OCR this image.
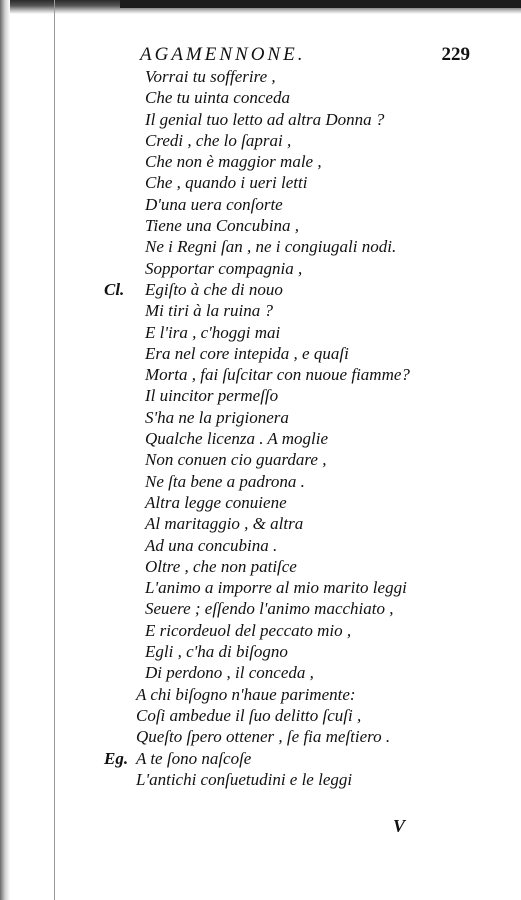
AGAMENNONE.	229
Vorrai tu sofferire ,
Che tu uinta conceda
Il genial tuo letto ad altra Donna ?
Credi , che lo ſaprai ,
Che non è maggior male ,
Che , quando i ueri letti
D'una uera conſorte
Tiene una Concubina ,
Ne i Regni ſan , ne i congiugali nodi.
Sopportar compagnia ,
Cl. Egiſto à che di nouo
Mi tiri à la ruina ?
E l'ira , c'hoggi mai
Era nel core intepida , e quaſi
Morta , fai ſuſcitar con nuoue fiamme?
Il uincitor permeſſo
S'ha ne la prigionera
Qualche licenza . A moglie
Non conuen cio guardare ,
Ne ſta bene a padrona .
Altra legge conuiene
Al maritaggio , & altra
Ad una concubina .
Oltre , che non patiſce
L'animo a imporre al mio marito leggi
Seuere ; eſſendo l'animo macchiato ,
E ricordeuol del peccato mio ,
Egli , c'ha di biſogno
Di perdono , il conceda ,
A chi biſogno n'haue parimente:
Coſi ambedue il ſuo delitto ſcuſi ,
Queſto ſpero ottener , ſe fia meſtiero .
Eg. A te ſono naſcoſe
L'antichi conſuetudini e le leggi
V
